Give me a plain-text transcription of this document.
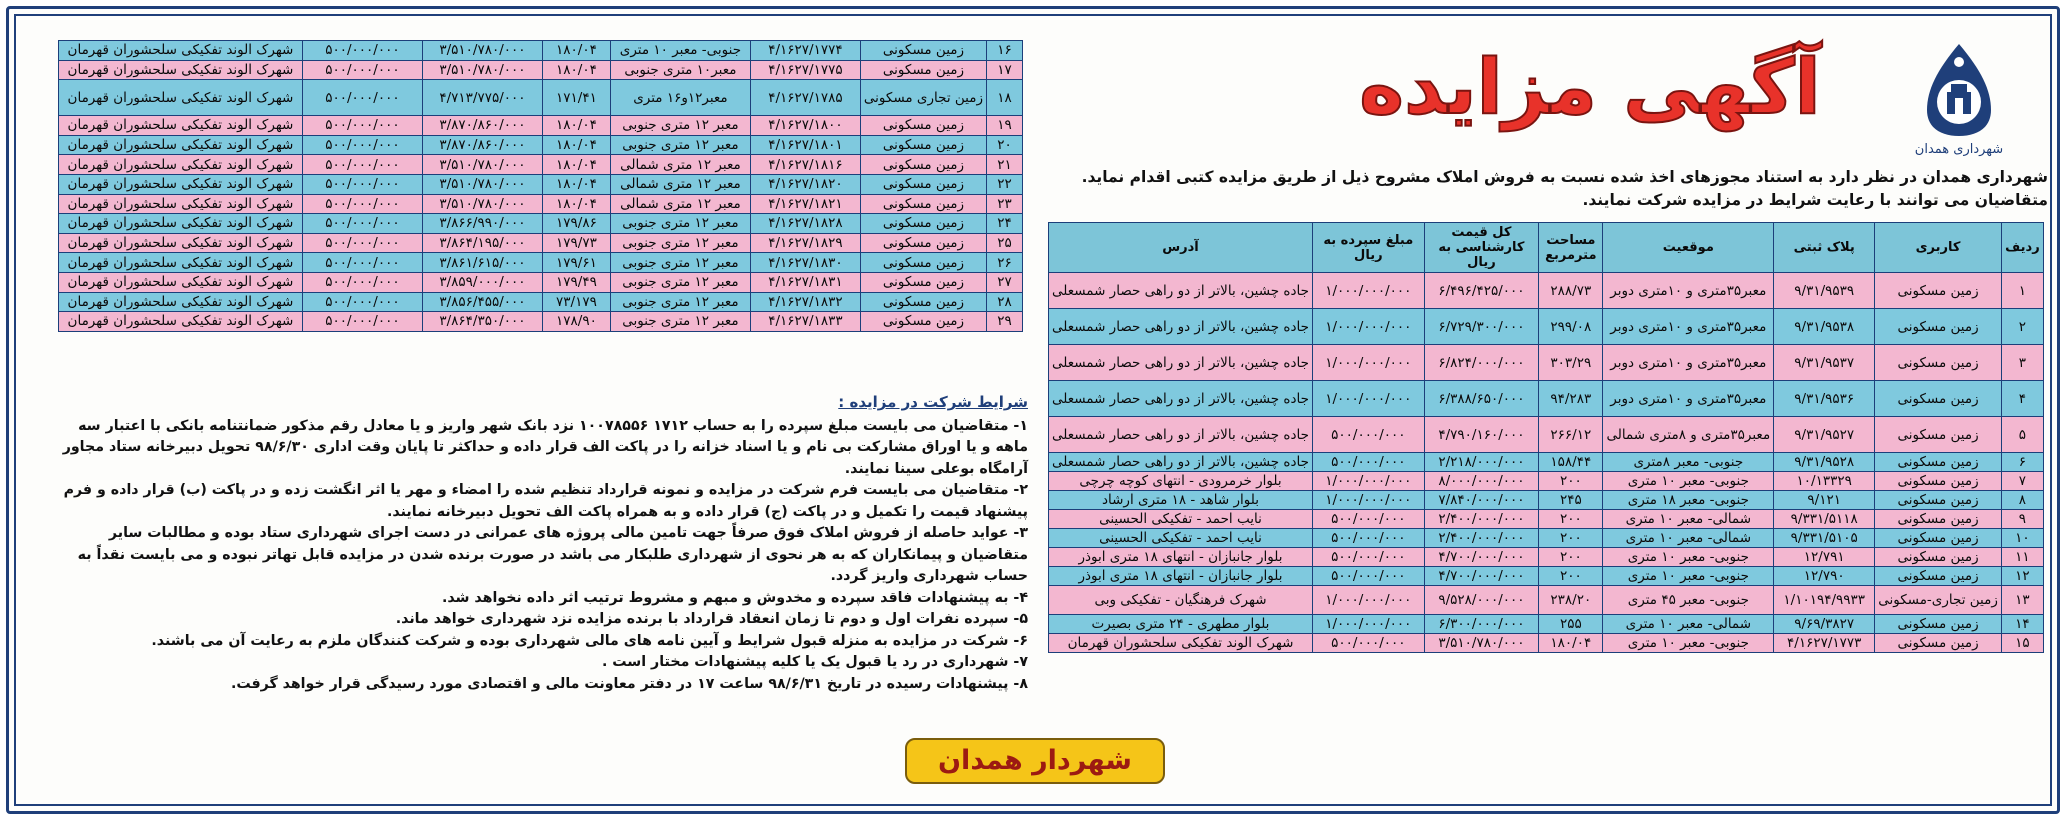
شهرداری همدان
آگهی مزایده
شهرداری همدان در نظر دارد به استناد مجوزهای اخذ شده نسبت به فروش املاک مشروح ذیل از طریق مزایده کتبی اقدام نماید. متقاضیان می توانند با رعایت شرایط در مزایده شرکت نمایند.
ردیف	کاربری	پلاک ثبتی	موقعیت	مساحت مترمربع	کل قیمت کارشناسی به ریال	مبلغ سپرده به ریال	آدرس
۱	زمین مسکونی	۹/۳۱/۹۵۳۹	معبر۳۵متری و ۱۰متری دوبر	۲۸۸/۷۳	۶/۴۹۶/۴۲۵/۰۰۰	۱/۰۰۰/۰۰۰/۰۰۰	جاده چشین، بالاتر از دو راهی حصار شمسعلی
۲	زمین مسکونی	۹/۳۱/۹۵۳۸	معبر۳۵متری و ۱۰متری دوبر	۲۹۹/۰۸	۶/۷۲۹/۳۰۰/۰۰۰	۱/۰۰۰/۰۰۰/۰۰۰	جاده چشین، بالاتر از دو راهی حصار شمسعلی
۳	زمین مسکونی	۹/۳۱/۹۵۳۷	معبر۳۵متری و ۱۰متری دوبر	۳۰۳/۲۹	۶/۸۲۴/۰۰۰/۰۰۰	۱/۰۰۰/۰۰۰/۰۰۰	جاده چشین، بالاتر از دو راهی حصار شمسعلی
۴	زمین مسکونی	۹/۳۱/۹۵۳۶	معبر۳۵متری و ۱۰متری دوبر	۹۴/۲۸۳	۶/۳۸۸/۶۵۰/۰۰۰	۱/۰۰۰/۰۰۰/۰۰۰	جاده چشین، بالاتر از دو راهی حصار شمسعلی
۵	زمین مسکونی	۹/۳۱/۹۵۲۷	معبر۳۵متری و ۸متری شمالی	۲۶۶/۱۲	۴/۷۹۰/۱۶۰/۰۰۰	۵۰۰/۰۰۰/۰۰۰	جاده چشین، بالاتر از دو راهی حصار شمسعلی
۶	زمین مسکونی	۹/۳۱/۹۵۲۸	جنوبی- معبر ۸متری	۱۵۸/۴۴	۲/۲۱۸/۰۰۰/۰۰۰	۵۰۰/۰۰۰/۰۰۰	جاده چشین، بالاتر از دو راهی حصار شمسعلی
۷	زمین مسکونی	۱۰/۱۳۳۲۹	جنوبی- معبر ۱۰ متری	۲۰۰	۸/۰۰۰/۰۰۰/۰۰۰	۱/۰۰۰/۰۰۰/۰۰۰	بلوار خرمرودی - انتهای کوچه چرچی
۸	زمین مسکونی	۹/۱۲۱	جنوبی- معبر ۱۸ متری	۲۴۵	۷/۸۴۰/۰۰۰/۰۰۰	۱/۰۰۰/۰۰۰/۰۰۰	بلوار شاهد - ۱۸ متری ارشاد
۹	زمین مسکونی	۹/۳۳۱/۵۱۱۸	شمالی- معبر ۱۰ متری	۲۰۰	۲/۴۰۰/۰۰۰/۰۰۰	۵۰۰/۰۰۰/۰۰۰	نایب احمد - تفکیکی الحسینی
۱۰	زمین مسکونی	۹/۳۳۱/۵۱۰۵	شمالی- معبر ۱۰ متری	۲۰۰	۲/۴۰۰/۰۰۰/۰۰۰	۵۰۰/۰۰۰/۰۰۰	نایب احمد - تفکیکی الحسینی
۱۱	زمین مسکونی	۱۲/۷۹۱	جنوبی- معبر ۱۰ متری	۲۰۰	۴/۷۰۰/۰۰۰/۰۰۰	۵۰۰/۰۰۰/۰۰۰	بلوار جانبازان - انتهای ۱۸ متری ابوذر
۱۲	زمین مسکونی	۱۲/۷۹۰	جنوبی- معبر ۱۰ متری	۲۰۰	۴/۷۰۰/۰۰۰/۰۰۰	۵۰۰/۰۰۰/۰۰۰	بلوار جانبازان - انتهای ۱۸ متری ابوذر
۱۳	زمین تجاری-مسکونی	۱/۱۰۱۹۴/۹۹۳۳	جنوبی- معبر ۴۵ متری	۲۳۸/۲۰	۹/۵۲۸/۰۰۰/۰۰۰	۱/۰۰۰/۰۰۰/۰۰۰	شهرک فرهنگیان - تفکیکی وبی
۱۴	زمین مسکونی	۹/۶۹/۳۸۲۷	شمالی- معبر ۱۰ متری	۲۵۵	۶/۳۰۰/۰۰۰/۰۰۰	۱/۰۰۰/۰۰۰/۰۰۰	بلوار مطهری - ۲۴ متری بصیرت
۱۵	زمین مسکونی	۴/۱۶۲۷/۱۷۷۳	جنوبی- معبر ۱۰ متری	۱۸۰/۰۴	۳/۵۱۰/۷۸۰/۰۰۰	۵۰۰/۰۰۰/۰۰۰	شهرک الوند تفکیکی سلحشوران قهرمان
۱۶	زمین مسکونی	۴/۱۶۲۷/۱۷۷۴	جنوبی- معبر ۱۰ متری	۱۸۰/۰۴	۳/۵۱۰/۷۸۰/۰۰۰	۵۰۰/۰۰۰/۰۰۰	شهرک الوند تفکیکی سلحشوران قهرمان
۱۷	زمین مسکونی	۴/۱۶۲۷/۱۷۷۵	معبر۱۰ متری جنوبی	۱۸۰/۰۴	۳/۵۱۰/۷۸۰/۰۰۰	۵۰۰/۰۰۰/۰۰۰	شهرک الوند تفکیکی سلحشوران قهرمان
۱۸	زمین تجاری مسکونی	۴/۱۶۲۷/۱۷۸۵	معبر۱۲و۱۶ متری	۱۷۱/۴۱	۴/۷۱۳/۷۷۵/۰۰۰	۵۰۰/۰۰۰/۰۰۰	شهرک الوند تفکیکی سلحشوران قهرمان
۱۹	زمین مسکونی	۴/۱۶۲۷/۱۸۰۰	معبر ۱۲ متری جنوبی	۱۸۰/۰۴	۳/۸۷۰/۸۶۰/۰۰۰	۵۰۰/۰۰۰/۰۰۰	شهرک الوند تفکیکی سلحشوران قهرمان
۲۰	زمین مسکونی	۴/۱۶۲۷/۱۸۰۱	معبر ۱۲ متری جنوبی	۱۸۰/۰۴	۳/۸۷۰/۸۶۰/۰۰۰	۵۰۰/۰۰۰/۰۰۰	شهرک الوند تفکیکی سلحشوران قهرمان
۲۱	زمین مسکونی	۴/۱۶۲۷/۱۸۱۶	معبر ۱۲ متری شمالی	۱۸۰/۰۴	۳/۵۱۰/۷۸۰/۰۰۰	۵۰۰/۰۰۰/۰۰۰	شهرک الوند تفکیکی سلحشوران قهرمان
۲۲	زمین مسکونی	۴/۱۶۲۷/۱۸۲۰	معبر ۱۲ متری شمالی	۱۸۰/۰۴	۳/۵۱۰/۷۸۰/۰۰۰	۵۰۰/۰۰۰/۰۰۰	شهرک الوند تفکیکی سلحشوران قهرمان
۲۳	زمین مسکونی	۴/۱۶۲۷/۱۸۲۱	معبر ۱۲ متری شمالی	۱۸۰/۰۴	۳/۵۱۰/۷۸۰/۰۰۰	۵۰۰/۰۰۰/۰۰۰	شهرک الوند تفکیکی سلحشوران قهرمان
۲۴	زمین مسکونی	۴/۱۶۲۷/۱۸۲۸	معبر ۱۲ متری جنوبی	۱۷۹/۸۶	۳/۸۶۶/۹۹۰/۰۰۰	۵۰۰/۰۰۰/۰۰۰	شهرک الوند تفکیکی سلحشوران قهرمان
۲۵	زمین مسکونی	۴/۱۶۲۷/۱۸۲۹	معبر ۱۲ متری جنوبی	۱۷۹/۷۳	۳/۸۶۴/۱۹۵/۰۰۰	۵۰۰/۰۰۰/۰۰۰	شهرک الوند تفکیکی سلحشوران قهرمان
۲۶	زمین مسکونی	۴/۱۶۲۷/۱۸۳۰	معبر ۱۲ متری جنوبی	۱۷۹/۶۱	۳/۸۶۱/۶۱۵/۰۰۰	۵۰۰/۰۰۰/۰۰۰	شهرک الوند تفکیکی سلحشوران قهرمان
۲۷	زمین مسکونی	۴/۱۶۲۷/۱۸۳۱	معبر ۱۲ متری جنوبی	۱۷۹/۴۹	۳/۸۵۹/۰۰۰/۰۰۰	۵۰۰/۰۰۰/۰۰۰	شهرک الوند تفکیکی سلحشوران قهرمان
۲۸	زمین مسکونی	۴/۱۶۲۷/۱۸۳۲	معبر ۱۲ متری جنوبی	۷۳/۱۷۹	۳/۸۵۶/۴۵۵/۰۰۰	۵۰۰/۰۰۰/۰۰۰	شهرک الوند تفکیکی سلحشوران قهرمان
۲۹	زمین مسکونی	۴/۱۶۲۷/۱۸۳۳	معبر ۱۲ متری جنوبی	۱۷۸/۹۰	۳/۸۶۴/۳۵۰/۰۰۰	۵۰۰/۰۰۰/۰۰۰	شهرک الوند تفکیکی سلحشوران قهرمان
شرایط شرکت در مزایده :
۱- متقاضیان می بایست مبلغ سپرده را به حساب ۱۷۱۲ ۱۰۰۷۸۵۵۶ نزد بانک شهر واریز و یا معادل رقم مذکور ضمانتنامه بانکی با اعتبار سه ماهه و یا اوراق مشارکت بی نام و یا اسناد خزانه را در پاکت الف قرار داده و حداکثر تا پایان وقت اداری ۹۸/۶/۳۰ تحویل دبیرخانه ستاد مجاور آرامگاه بوعلی سینا نمایند.
۲- متقاضیان می بایست فرم شرکت در مزایده و نمونه قرارداد تنظیم شده را امضاء و مهر یا اثر انگشت زده و در پاکت (ب) قرار داده و فرم پیشنهاد قیمت را تکمیل و در پاکت (ج) قرار داده و به همراه پاکت الف تحویل دبیرخانه نمایند.
۳- عواید حاصله از فروش املاک فوق صرفاً جهت تامین مالی پروژه های عمرانی در دست اجرای شهرداری ستاد بوده و مطالبات سایر متقاضیان و پیمانکاران که به هر نحوی از شهرداری طلبکار می باشد در صورت برنده شدن در مزایده قابل تهاتر نبوده و می بایست نقداً به حساب شهرداری واریز گردد.
۴- به پیشنهادات فاقد سپرده و مخدوش و مبهم و مشروط ترتیب اثر داده نخواهد شد.
۵- سپرده نفرات اول و دوم تا زمان انعقاد قرارداد با برنده مزایده نزد شهرداری خواهد ماند.
۶- شرکت در مزایده به منزله قبول شرایط و آیین نامه های مالی شهرداری بوده و شرکت کنندگان ملزم به رعایت آن می باشند.
۷- شهرداری در رد یا قبول یک یا کلیه پیشنهادات مختار است .
۸- پیشنهادات رسیده در تاریخ ۹۸/۶/۳۱ ساعت ۱۷ در دفتر معاونت مالی و اقتصادی مورد رسیدگی قرار خواهد گرفت.
شهردار همدان
